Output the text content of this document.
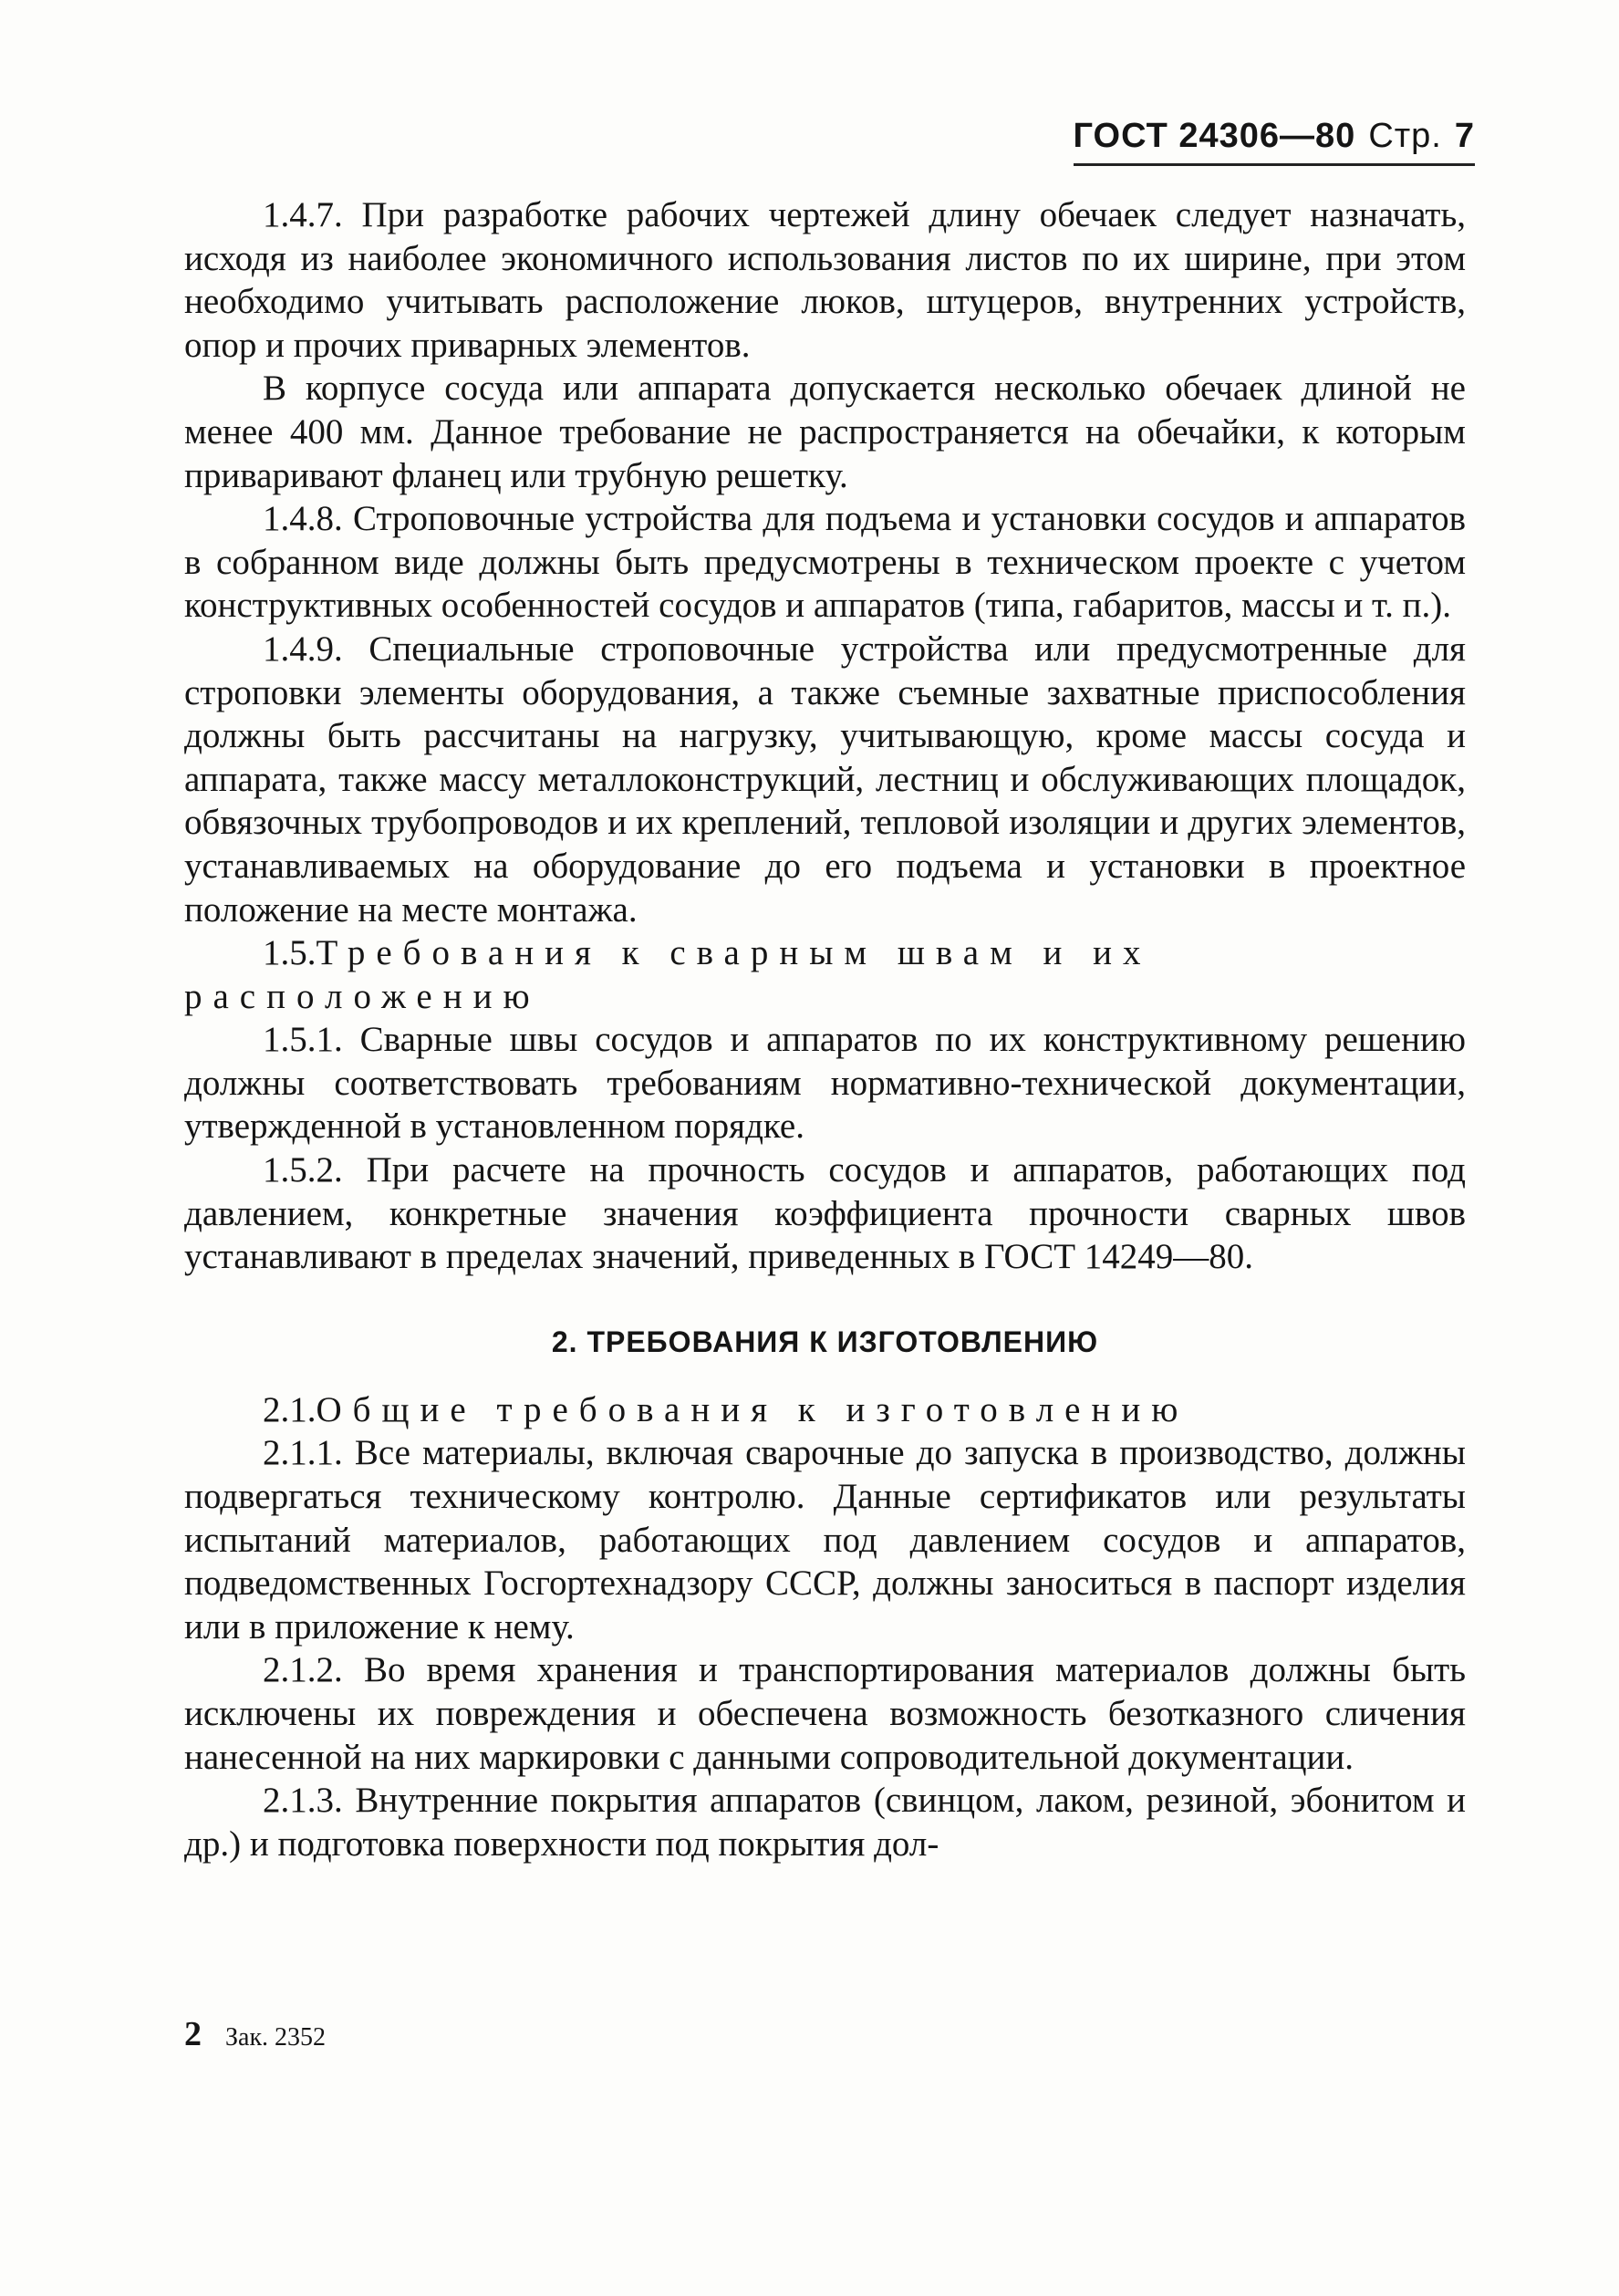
ГОСТ 24306—80 Стр. 7

1.4.7. При разработке рабочих чертежей длину обечаек следует назначать, исходя из наиболее экономичного использования листов по их ширине, при этом необходимо учитывать расположение люков, штуцеров, внутренних устройств, опор и прочих приварных элементов.

В корпусе сосуда или аппарата допускается несколько обечаек длиной не менее 400 мм. Данное требование не распространяется на обечайки, к которым приваривают фланец или трубную решетку.

1.4.8. Строповочные устройства для подъема и установки сосудов и аппаратов в собранном виде должны быть предусмотрены в техническом проекте с учетом конструктивных особенностей сосудов и аппаратов (типа, габаритов, массы и т. п.).

1.4.9. Специальные строповочные устройства или предусмотренные для строповки элементы оборудования, а также съемные захватные приспособления должны быть рассчитаны на нагрузку, учитывающую, кроме массы сосуда и аппарата, также массу металлоконструкций, лестниц и обслуживающих площадок, обвязочных трубопроводов и их креплений, тепловой изоляции и других элементов, устанавливаемых на оборудование до его подъема и установки в проектное положение на месте монтажа.

1.5.Требования к сварным швам и их расположению

1.5.1. Сварные швы сосудов и аппаратов по их конструктивному решению должны соответствовать требованиям нормативно-технической документации, утвержденной в установленном порядке.

1.5.2. При расчете на прочность сосудов и аппаратов, работающих под давлением, конкретные значения коэффициента прочности сварных швов устанавливают в пределах значений, приведенных в ГОСТ 14249—80.

2. ТРЕБОВАНИЯ К ИЗГОТОВЛЕНИЮ

2.1.Общие требования к изготовлению

2.1.1. Все материалы, включая сварочные до запуска в производство, должны подвергаться техническому контролю. Данные сертификатов или результаты испытаний материалов, работающих под давлением сосудов и аппаратов, подведомственных Госгортехнадзору СССР, должны заноситься в паспорт изделия или в приложение к нему.

2.1.2. Во время хранения и транспортирования материалов должны быть исключены их повреждения и обеспечена возможность безотказного сличения нанесенной на них маркировки с данными сопроводительной документации.

2.1.3. Внутренние покрытия аппаратов (свинцом, лаком, резиной, эбонитом и др.) и подготовка поверхности под покрытия дол-

2 Зак. 2352
